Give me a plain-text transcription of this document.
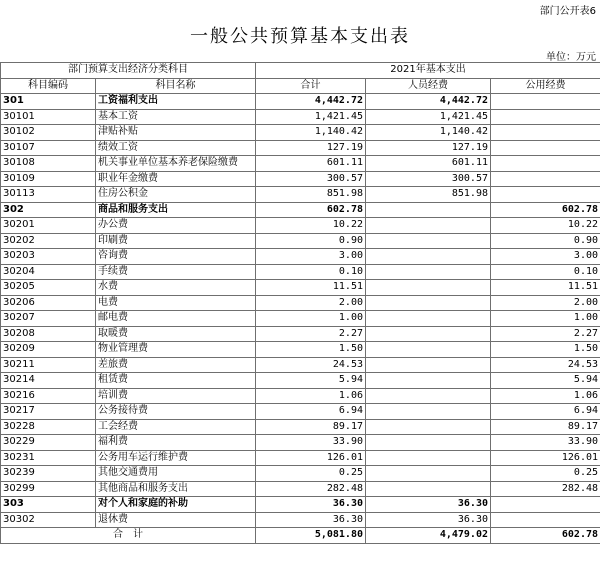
部门公开表6
一般公共预算基本支出表
单位：万元
部门预算支出经济分类科目		2021年基本支出		
科目编码	科目名称	合计	人员经费	公用经费
301	工资福利支出	4,442.72	4,442.72	
30101	基本工资	1,421.45	1,421.45	
30102	津贴补贴	1,140.42	1,140.42	
30107	绩效工资	127.19	127.19	
30108	机关事业单位基本养老保险缴费	601.11	601.11	
30109	职业年金缴费	300.57	300.57	
30113	住房公积金	851.98	851.98	
302	商品和服务支出	602.78		602.78
30201	办公费	10.22		10.22
30202	印刷费	0.90		0.90
30203	咨询费	3.00		3.00
30204	手续费	0.10		0.10
30205	水费	11.51		11.51
30206	电费	2.00		2.00
30207	邮电费	1.00		1.00
30208	取暖费	2.27		2.27
30209	物业管理费	1.50		1.50
30211	差旅费	24.53		24.53
30214	租赁费	5.94		5.94
30216	培训费	1.06		1.06
30217	公务接待费	6.94		6.94
30228	工会经费	89.17		89.17
30229	福利费	33.90		33.90
30231	公务用车运行维护费	126.01		126.01
30239	其他交通费用	0.25		0.25
30299	其他商品和服务支出	282.48		282.48
303	对个人和家庭的补助	36.30	36.30	
30302	退休费	36.30	36.30	
合　计		5,081.80	4,479.02	602.78
